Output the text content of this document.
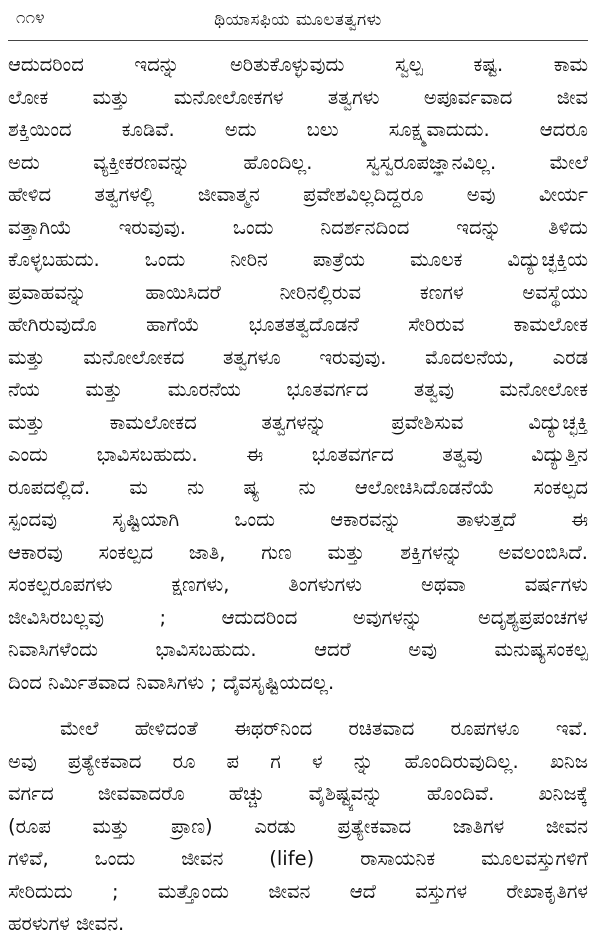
೧೧೪	ಥಿಯಾಸಫಿಯ ಮೂಲತತ್ವಗಳು
ಆದುದರಿಂದ ಇದನ್ನು ಅರಿತುಕೊಳ್ಳುವುದು ಸ್ವಲ್ಪ ಕಷ್ಟ. ಕಾಮ
ಲೋಕ ಮತ್ತು ಮನೋಲೋಕಗಳ ತತ್ವಗಳು ಅಪೂರ್ವವಾದ ಜೀವ
ಶಕ್ತಿಯಿಂದ ಕೂಡಿವೆ. ಅದು ಬಲು ಸೂಕ್ಷ್ಮವಾದುದು. ಆದರೂ
ಅದು ವ್ಯಕ್ತೀಕರಣವನ್ನು ಹೊಂದಿಲ್ಲ. ಸ್ವಸ್ವರೂಪಜ್ಞಾನವಿಲ್ಲ. ಮೇಲೆ
ಹೇಳಿದ ತತ್ವಗಳಲ್ಲಿ ಜೀವಾತ್ಮನ ಪ್ರವೇಶವಿಲ್ಲದಿದ್ದರೂ ಅವು ವೀರ್ಯ
ವತ್ತಾಗಿಯೆ ಇರುವುವು. ಒಂದು ನಿದರ್ಶನದಿಂದ ಇದನ್ನು ತಿಳಿದು
ಕೊಳ್ಳಬಹುದು. ಒಂದು ನೀರಿನ ಪಾತ್ರೆಯ ಮೂಲಕ ವಿದ್ಯುಚ್ಛಕ್ತಿಯ
ಪ್ರವಾಹವನ್ನು ಹಾಯಿಸಿದರೆ ನೀರಿನಲ್ಲಿರುವ ಕಣಗಳ ಅವಸ್ಥೆಯು
ಹೇಗಿರುವುದೊ ಹಾಗೆಯೆ ಭೂತತತ್ವದೊಡನೆ ಸೇರಿರುವ ಕಾಮಲೋಕ
ಮತ್ತು ಮನೋಲೋಕದ ತತ್ವಗಳೂ ಇರುವುವು. ಮೊದಲನೆಯ, ಎರಡ
ನೆಯ ಮತ್ತು ಮೂರನೆಯ ಭೂತವರ್ಗದ ತತ್ವವು ಮನೋಲೋಕ
ಮತ್ತು ಕಾಮಲೋಕದ ತತ್ವಗಳನ್ನು ಪ್ರವೇಶಿಸುವ ವಿದ್ಯುಚ್ಛಕ್ತಿ
ಎಂದು ಭಾವಿಸಬಹುದು. ಈ ಭೂತವರ್ಗದ ತತ್ವವು ವಿದ್ಯುತ್ತಿನ
ರೂಪದಲ್ಲಿದೆ. ಮ ನು ಷ್ಯ ನು ಆಲೋಚಿಸಿದೊಡನೆಯೆ ಸಂಕಲ್ಪದ
ಸ್ಪಂದವು ಸೃಷ್ಟಿಯಾಗಿ ಒಂದು ಆಕಾರವನ್ನು ತಾಳುತ್ತದೆ ಈ
ಆಕಾರವು ಸಂಕಲ್ಪದ ಜಾತಿ, ಗುಣ ಮತ್ತು ಶಕ್ತಿಗಳನ್ನು ಅವಲಂಬಿಸಿದೆ.
ಸಂಕಲ್ಪರೂಪಗಳು ಕ್ಷಣಗಳು, ತಿಂಗಳುಗಳು ಅಥವಾ ವರ್ಷಗಳು
ಜೀವಿಸಿರಬಲ್ಲವು ; ಆದುದರಿಂದ ಅವುಗಳನ್ನು ಅದೃಶ್ಯಪ್ರಪಂಚಗಳ
ನಿವಾಸಿಗಳೆಂದು ಭಾವಿಸಬಹುದು. ಆದರೆ ಅವು ಮನುಷ್ಯಸಂಕಲ್ಪ
ದಿಂದ ನಿರ್ಮಿತವಾದ ನಿವಾಸಿಗಳು ; ದೈವಸೃಷ್ಟಿಯದಲ್ಲ.
ಮೇಲೆ ಹೇಳಿದಂತೆ ಈಥರ್‌ನಿಂದ ರಚಿತವಾದ ರೂಪಗಳೂ ಇವೆ.
ಅವು ಪ್ರತ್ಯೇಕವಾದ ರೂ ಪ ಗ ಳ ನ್ನು ಹೊಂದಿರುವುದಿಲ್ಲ. ಖನಿಜ
ವರ್ಗದ ಜೀವವಾದರೊ ಹೆಚ್ಚು ವೈಶಿಷ್ಟ್ಯವನ್ನು ಹೊಂದಿವೆ. ಖನಿಜಕ್ಕೆ
(ರೂಪ ಮತ್ತು ಪ್ರಾಣ) ಎರಡು ಪ್ರತ್ಯೇಕವಾದ ಜಾತಿಗಳ ಜೀವನ
ಗಳಿವೆ, ಒಂದು ಜೀವನ (life) ರಾಸಾಯನಿಕ ಮೂಲವಸ್ತುಗಳಿಗೆ
ಸೇರಿದುದು ; ಮತ್ತೊಂದು ಜೀವನ ಆದೆ ವಸ್ತುಗಳ ರೇಖಾಕೃತಿಗಳ
ಹರಳುಗಳ ಜೀವನ.
